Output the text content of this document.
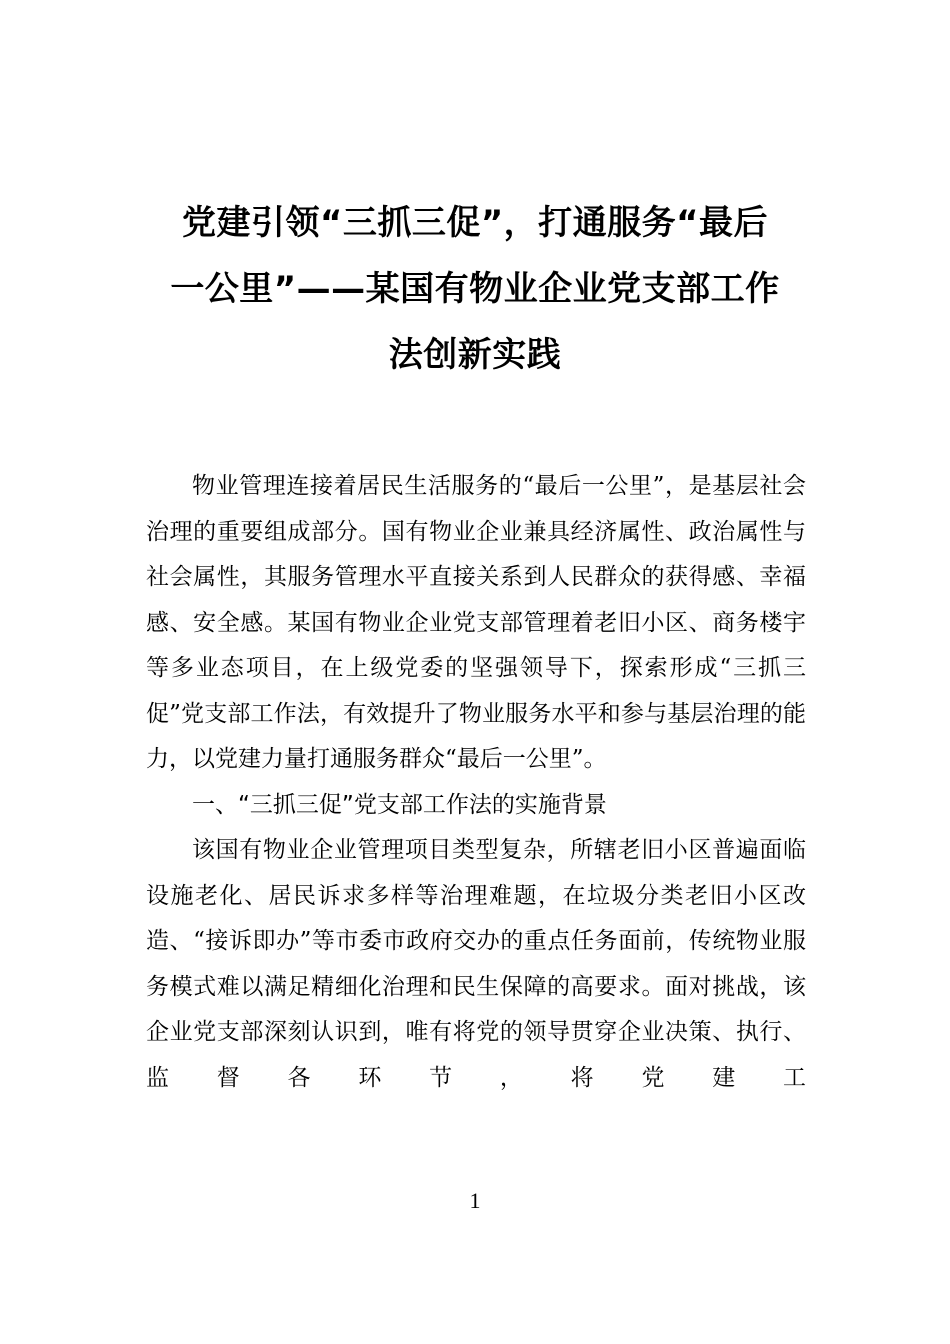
党建引领“三抓三促”，打通服务“最后
一公里”——某国有物业企业党支部工作
法创新实践

物业管理连接着居民生活服务的“最后一公里”，是基层社会治理的重要组成部分。国有物业企业兼具经济属性、政治属性与社会属性，其服务管理水平直接关系到人民群众的获得感、幸福感、安全感。某国有物业企业党支部管理着老旧小区、商务楼宇等多业态项目，在上级党委的坚强领导下，探索形成“三抓三促”党支部工作法，有效提升了物业服务水平和参与基层治理的能力，以党建力量打通服务群众“最后一公里”。

一、“三抓三促”党支部工作法的实施背景

该国有物业企业管理项目类型复杂，所辖老旧小区普遍面临设施老化、居民诉求多样等治理难题，在垃圾分类老旧小区改造、“接诉即办”等市委市政府交办的重点任务面前，传统物业服务模式难以满足精细化治理和民生保障的高要求。面对挑战，该企业党支部深刻认识到，唯有将党的领导贯穿企业决策、执行、监督各环节，将党建工

1
